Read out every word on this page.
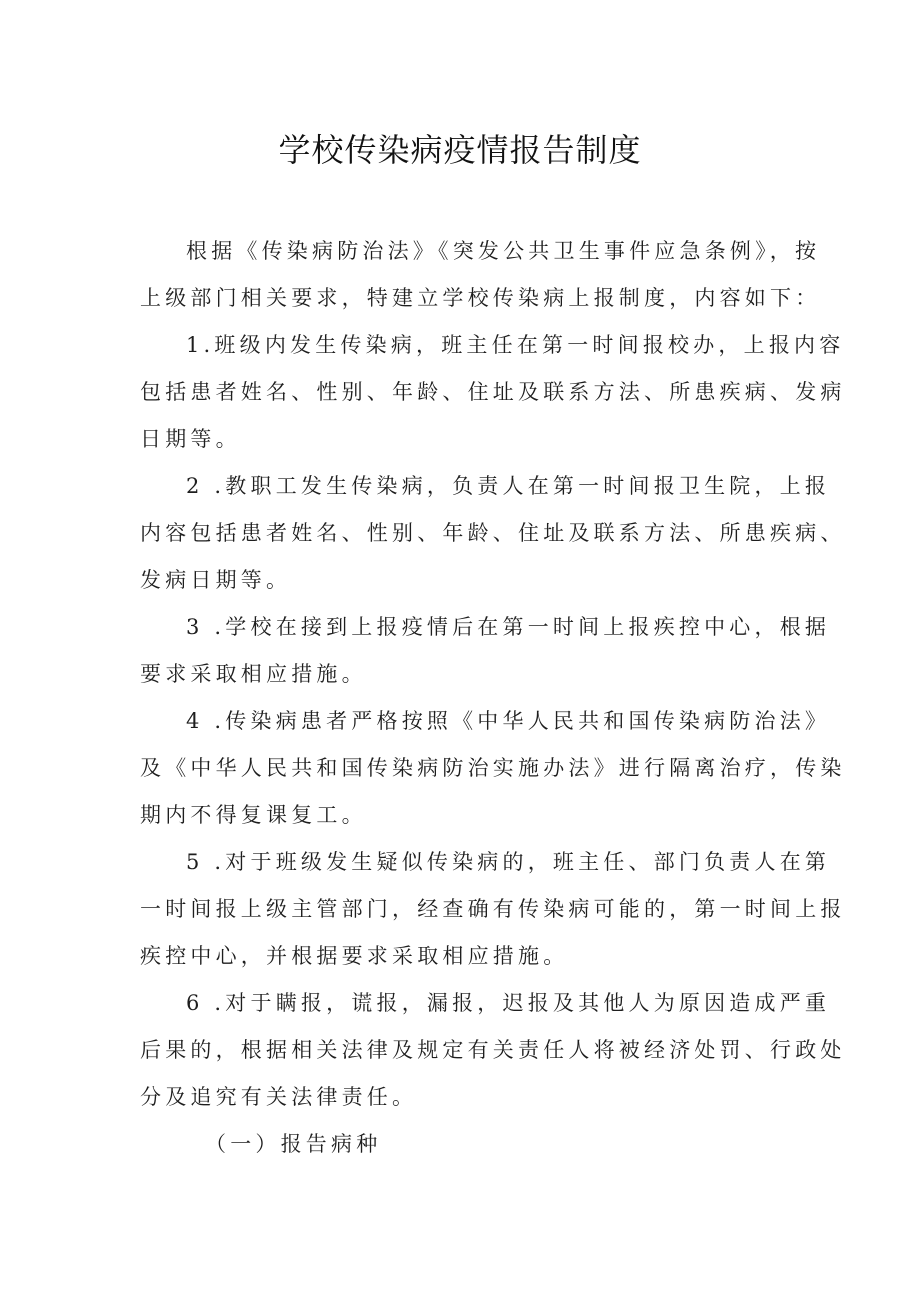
学校传染病疫情报告制度
根据《传染病防治法》《突发公共卫生事件应急条例》，按
上级部门相关要求，特建立学校传染病上报制度，内容如下：
1.班级内发生传染病，班主任在第一时间报校办，上报内容
包括患者姓名、性别、年龄、住址及联系方法、所患疾病、发病
日期等。
2 .教职工发生传染病，负责人在第一时间报卫生院，上报
内容包括患者姓名、性别、年龄、住址及联系方法、所患疾病、
发病日期等。
3 .学校在接到上报疫情后在第一时间上报疾控中心，根据
要求采取相应措施。
4 .传染病患者严格按照《中华人民共和国传染病防治法》
及《中华人民共和国传染病防治实施办法》进行隔离治疗，传染
期内不得复课复工。
5 .对于班级发生疑似传染病的，班主任、部门负责人在第
一时间报上级主管部门，经查确有传染病可能的，第一时间上报
疾控中心，并根据要求采取相应措施。
6 .对于瞒报，谎报，漏报，迟报及其他人为原因造成严重
后果的，根据相关法律及规定有关责任人将被经济处罚、行政处
分及追究有关法律责任。
（一）报告病种
